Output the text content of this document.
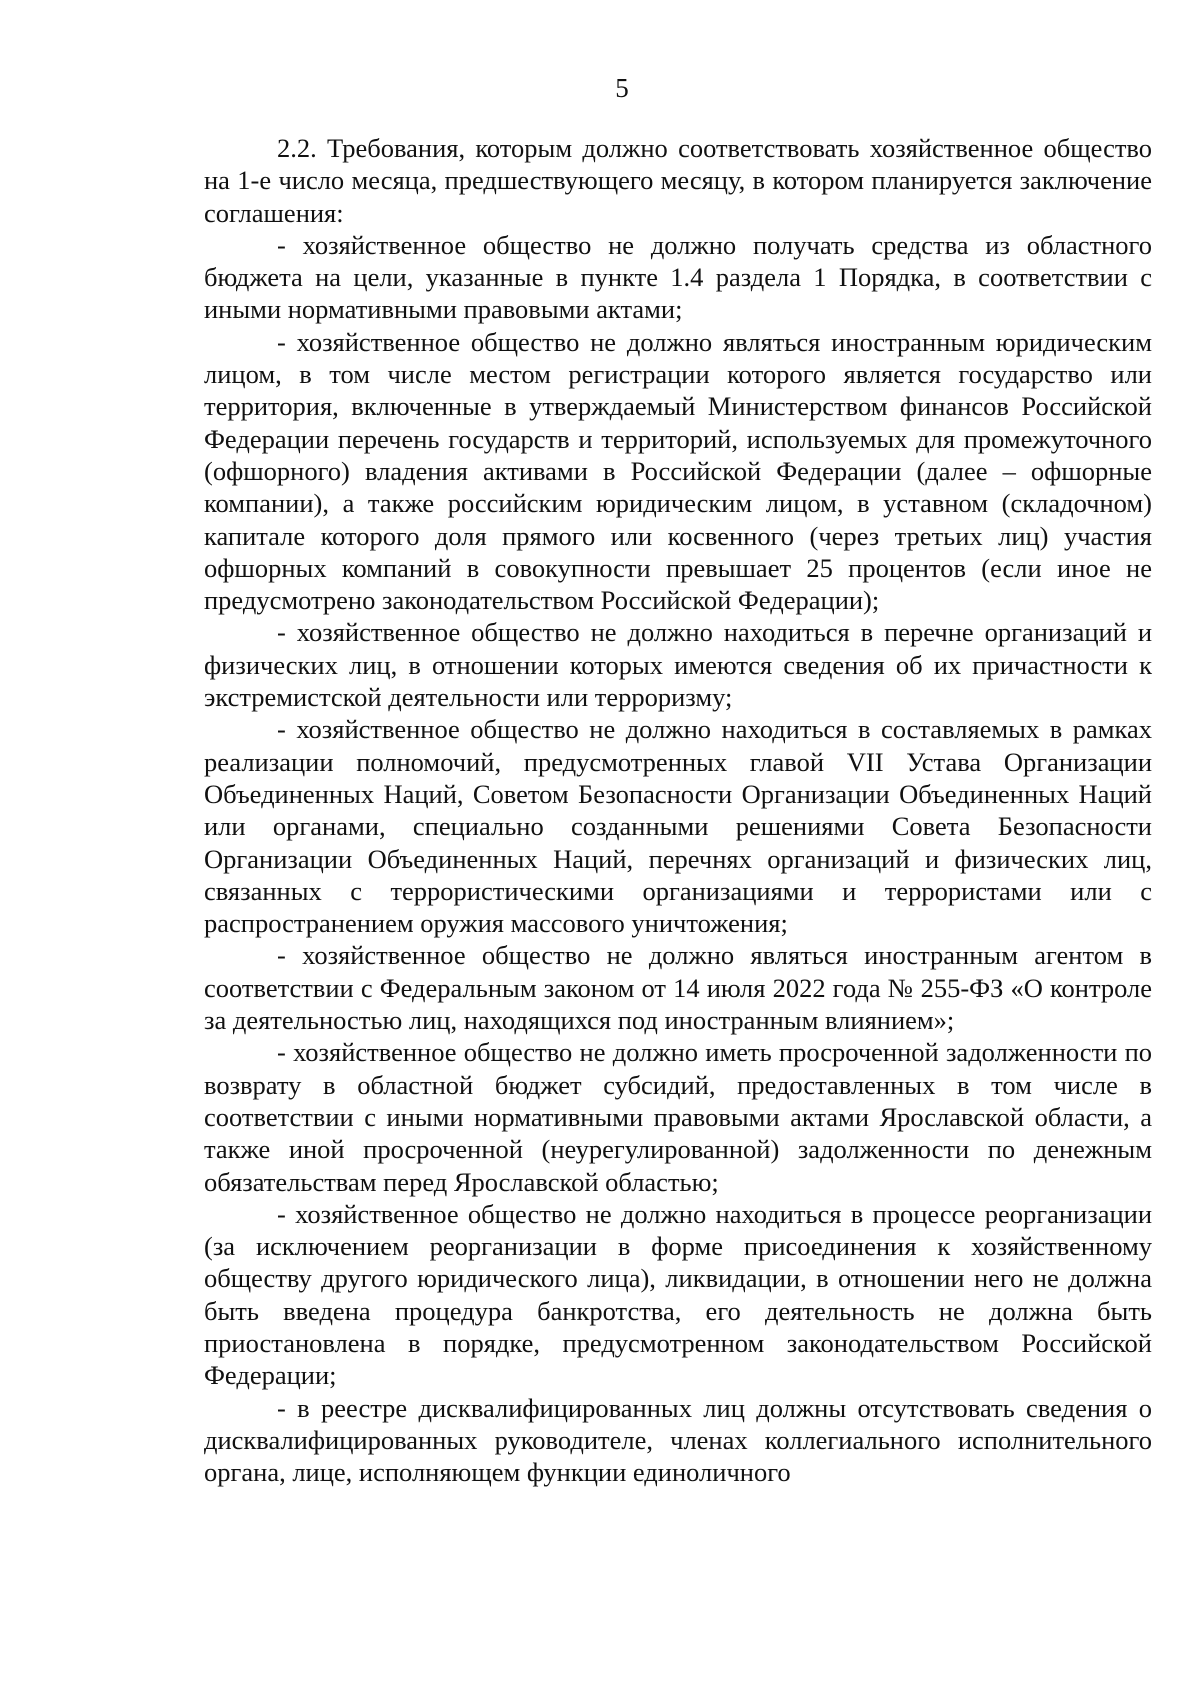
5

2.2. Требования, которым должно соответствовать хозяйственное общество на 1-е число месяца, предшествующего месяцу, в котором планируется заключение соглашения:

- хозяйственное общество не должно получать средства из областного бюджета на цели, указанные в пункте 1.4 раздела 1 Порядка, в соответствии с иными нормативными правовыми актами;

- хозяйственное общество не должно являться иностранным юридическим лицом, в том числе местом регистрации которого является государство или территория, включенные в утверждаемый Министерством финансов Российской Федерации перечень государств и территорий, используемых для промежуточного (офшорного) владения активами в Российской Федерации (далее – офшорные компании), а также российским юридическим лицом, в уставном (складочном) капитале которого доля прямого или косвенного (через третьих лиц) участия офшорных компаний в совокупности превышает 25 процентов (если иное не предусмотрено законодательством Российской Федерации);

- хозяйственное общество не должно находиться в перечне организаций и физических лиц, в отношении которых имеются сведения об их причастности к экстремистской деятельности или терроризму;

- хозяйственное общество не должно находиться в составляемых в рамках реализации полномочий, предусмотренных главой VII Устава Организации Объединенных Наций, Советом Безопасности Организации Объединенных Наций или органами, специально созданными решениями Совета Безопасности Организации Объединенных Наций, перечнях организаций и физических лиц, связанных с террористическими организациями и террористами или с распространением оружия массового уничтожения;

- хозяйственное общество не должно являться иностранным агентом в соответствии с Федеральным законом от 14 июля 2022 года № 255-ФЗ «О контроле за деятельностью лиц, находящихся под иностранным влиянием»;

- хозяйственное общество не должно иметь просроченной задолженности по возврату в областной бюджет субсидий, предоставленных в том числе в соответствии с иными нормативными правовыми актами Ярославской области, а также иной просроченной (неурегулированной) задолженности по денежным обязательствам перед Ярославской областью;

- хозяйственное общество не должно находиться в процессе реорганизации (за исключением реорганизации в форме присоединения к хозяйственному обществу другого юридического лица), ликвидации, в отношении него не должна быть введена процедура банкротства, его деятельность не должна быть приостановлена в порядке, предусмотренном законодательством Российской Федерации;

- в реестре дисквалифицированных лиц должны отсутствовать сведения о дисквалифицированных руководителе, членах коллегиального исполнительного органа, лице, исполняющем функции единоличного
